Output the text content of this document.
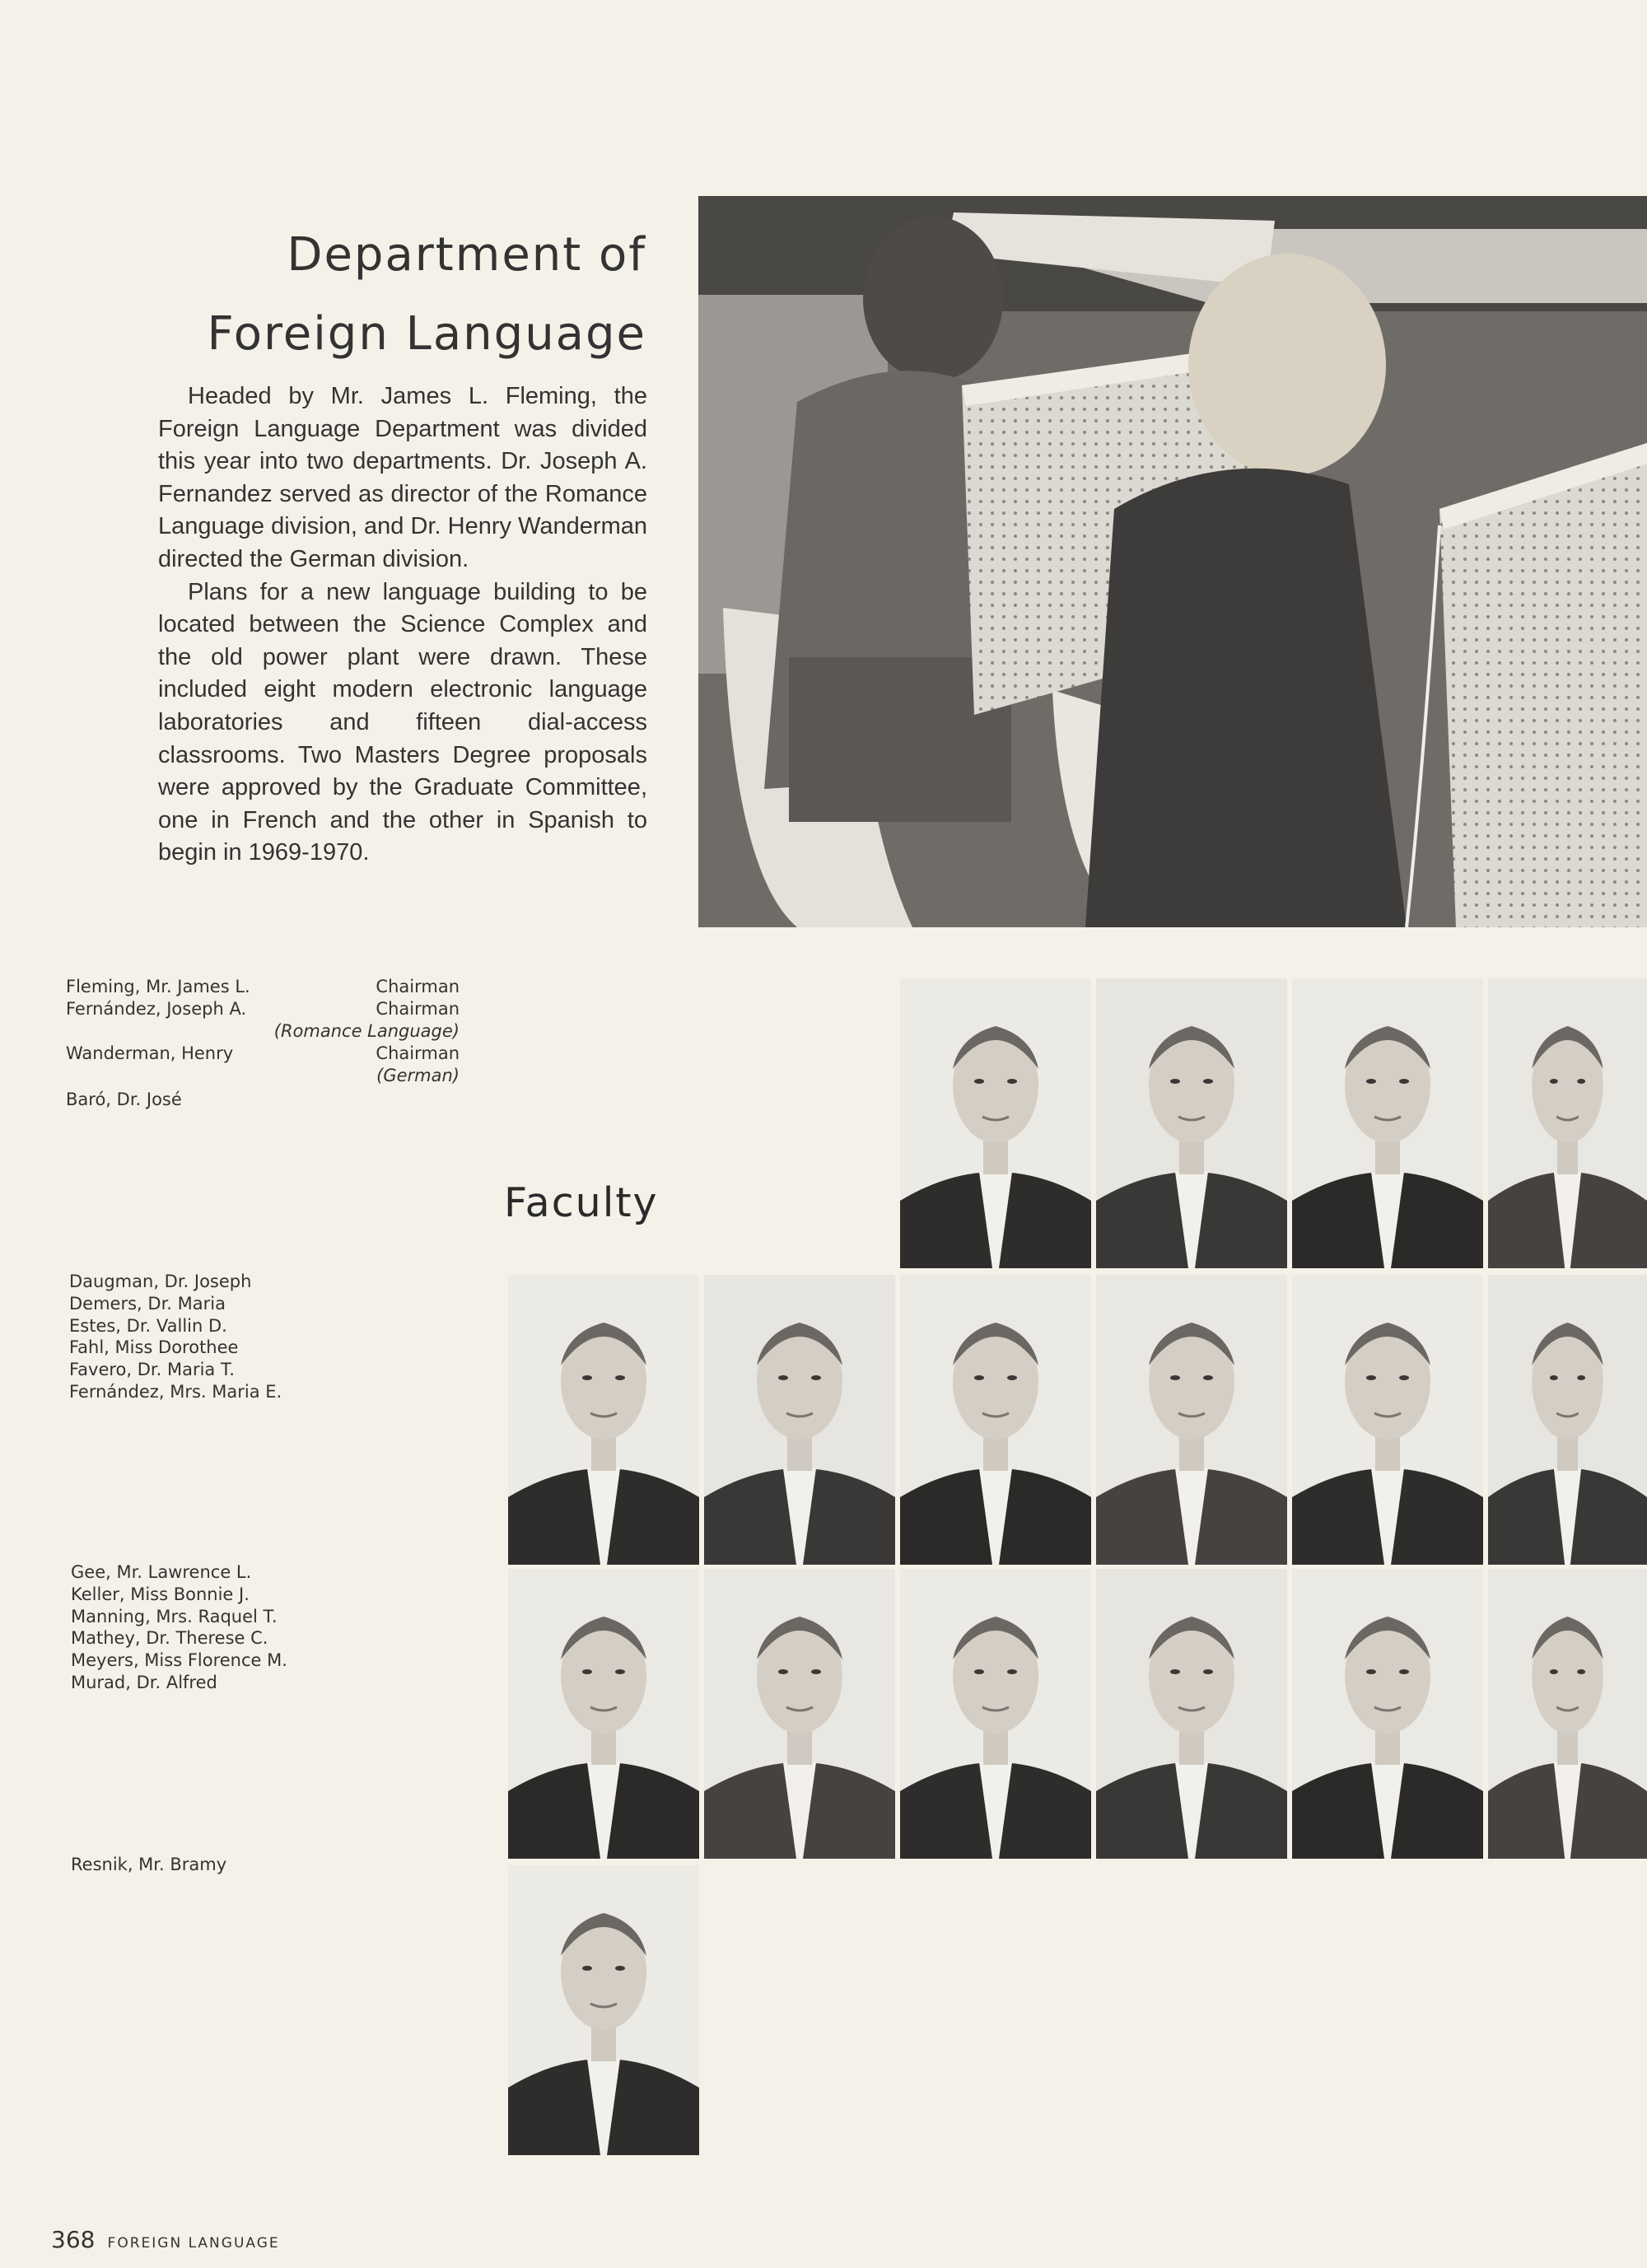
Department of
Foreign Language

Headed by Mr. James L. Fleming, the Foreign Language Department was divided this year into two departments. Dr. Joseph A. Fernandez served as director of the Romance Language division, and Dr. Henry Wanderman directed the German division.

Plans for a new language building to be located between the Science Complex and the old power plant were drawn. These included eight modern electronic language laboratories and fifteen dial-access classrooms. Two Masters Degree proposals were approved by the Graduate Committee, one in French and the other in Spanish to begin in 1969-1970.

Fleming, Mr. James L.	Chairman
Fernández, Joseph A.	Chairman
(Romance Language)
Wanderman, Henry	Chairman
(German)
Baró, Dr. José
Faculty
Daugman, Dr. Joseph
Demers, Dr. Maria
Estes, Dr. Vallin D.
Fahl, Miss Dorothee
Favero, Dr. Maria T.
Fernández, Mrs. Maria E.
Gee, Mr. Lawrence L.
Keller, Miss Bonnie J.
Manning, Mrs. Raquel T.
Mathey, Dr. Therese C.
Meyers, Miss Florence M.
Murad, Dr. Alfred
Resnik, Mr. Bramy
368 FOREIGN LANGUAGE
